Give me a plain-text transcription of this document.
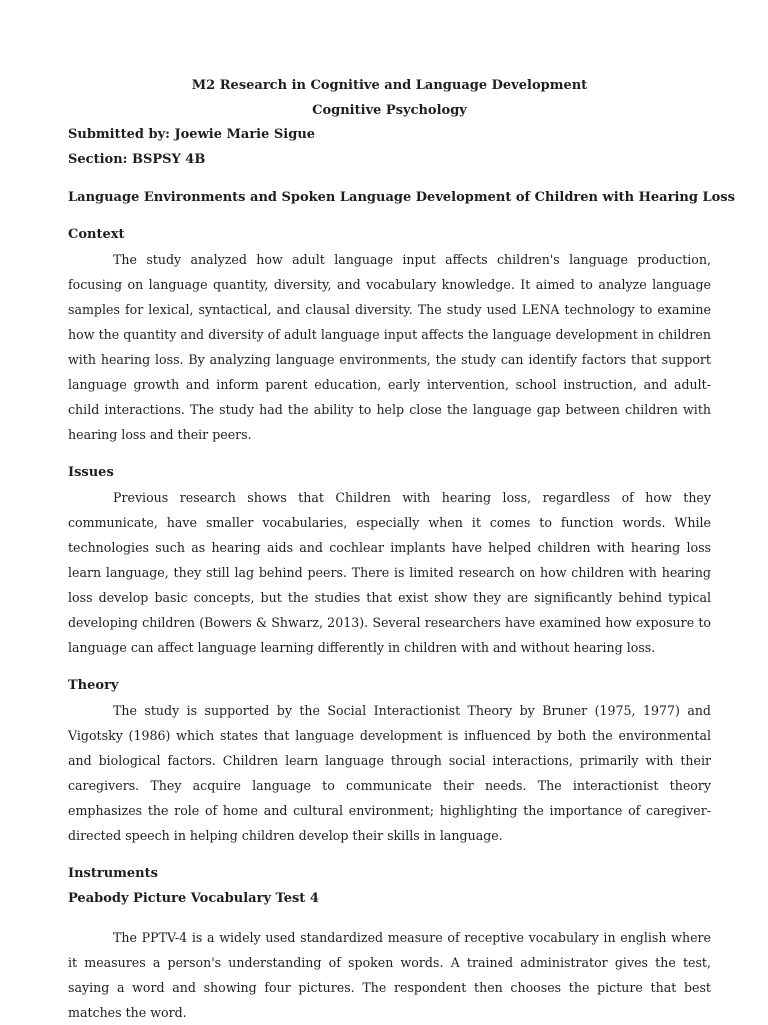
M2 Research in Cognitive and Language Development

Cognitive Psychology

Submitted by: Joewie Marie Sigue

Section: BSPSY 4B

Language Environments and Spoken Language Development of Children with Hearing Loss

Context

The study analyzed how adult language input affects children's language production, focusing on language quantity, diversity, and vocabulary knowledge. It aimed to analyze language samples for lexical, syntactical, and clausal diversity. The study used LENA technology to examine how the quantity and diversity of adult language input affects the language development in children with hearing loss. By analyzing language environments, the study can identify factors that support language growth and inform parent education, early intervention, school instruction, and adult-child interactions. The study had the ability to help close the language gap between children with hearing loss and their peers.

Issues

Previous research shows that Children with hearing loss, regardless of how they communicate, have smaller vocabularies, especially when it comes to function words. While technologies such as hearing aids and cochlear implants have helped children with hearing loss learn language, they still lag behind peers. There is limited research on how children with hearing loss develop basic concepts, but the studies that exist show they are significantly behind typical developing children (Bowers & Shwarz, 2013). Several researchers have examined how exposure to language can affect language learning differently in children with and without hearing loss.

Theory

The study is supported by the Social Interactionist Theory by Bruner (1975, 1977) and Vigotsky (1986) which states that language development is influenced by both the environmental and biological factors. Children learn language through social interactions, primarily with their caregivers. They acquire language to communicate their needs. The interactionist theory emphasizes the role of home and cultural environment; highlighting the importance of caregiver-directed speech in helping children develop their skills in language.

Instruments

Peabody Picture Vocabulary Test 4

The PPTV-4 is a widely used standardized measure of receptive vocabulary in english where it measures a person's understanding of spoken words. A trained administrator gives the test, saying a word and showing four pictures. The respondent then chooses the picture that best matches the word.
